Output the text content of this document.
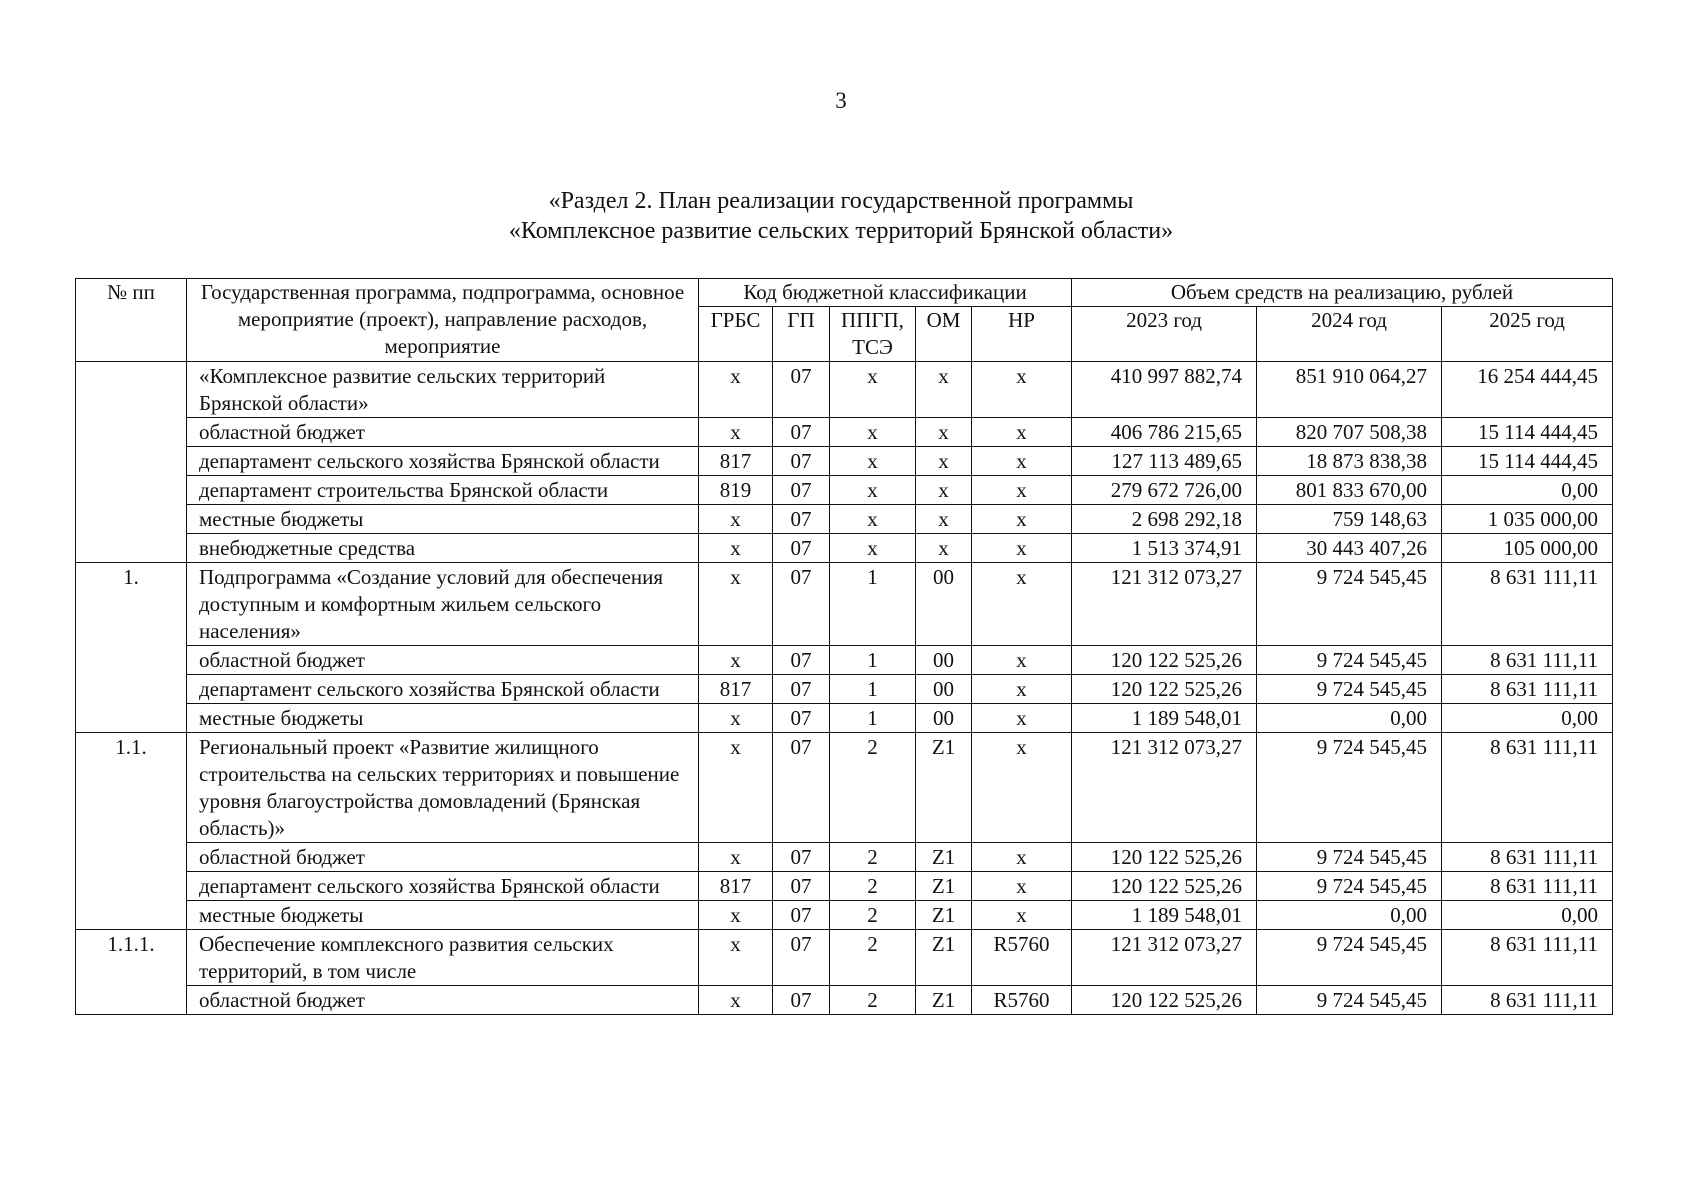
3
«Раздел 2. План реализации государственной программы
«Комплексное развитие сельских территорий Брянской области»
№ пп	Государственная программа, подпрограмма, основное мероприятие (проект), направление расходов, мероприятие	Код бюджетной классификации					Объем средств на реализацию, рублей		
		ГРБС	ГП	ППГП, ТСЭ	ОМ	НР	2023 год	2024 год	2025 год
	«Комплексное развитие сельских территорий Брянской области»	х	07	х	х	х	410 997 882,74	851 910 064,27	16 254 444,45
	областной бюджет	х	07	х	х	х	406 786 215,65	820 707 508,38	15 114 444,45
	департамент сельского хозяйства Брянской области	817	07	х	х	х	127 113 489,65	18 873 838,38	15 114 444,45
	департамент строительства Брянской области	819	07	х	х	х	279 672 726,00	801 833 670,00	0,00
	местные бюджеты	х	07	х	х	х	2 698 292,18	759 148,63	1 035 000,00
	внебюджетные средства	х	07	х	х	х	1 513 374,91	30 443 407,26	105 000,00
1.	Подпрограмма «Создание условий для обеспечения доступным и комфортным жильем сельского населения»	х	07	1	00	х	121 312 073,27	9 724 545,45	8 631 111,11
	областной бюджет	х	07	1	00	х	120 122 525,26	9 724 545,45	8 631 111,11
	департамент сельского хозяйства Брянской области	817	07	1	00	х	120 122 525,26	9 724 545,45	8 631 111,11
	местные бюджеты	х	07	1	00	х	1 189 548,01	0,00	0,00
1.1.	Региональный проект «Развитие жилищного строительства на сельских территориях и повышение уровня благоустройства домовладений (Брянская область)»	х	07	2	Z1	х	121 312 073,27	9 724 545,45	8 631 111,11
	областной бюджет	х	07	2	Z1	х	120 122 525,26	9 724 545,45	8 631 111,11
	департамент сельского хозяйства Брянской области	817	07	2	Z1	х	120 122 525,26	9 724 545,45	8 631 111,11
	местные бюджеты	х	07	2	Z1	х	1 189 548,01	0,00	0,00
1.1.1.	Обеспечение комплексного развития сельских территорий, в том числе	х	07	2	Z1	R5760	121 312 073,27	9 724 545,45	8 631 111,11
	областной бюджет	х	07	2	Z1	R5760	120 122 525,26	9 724 545,45	8 631 111,11
